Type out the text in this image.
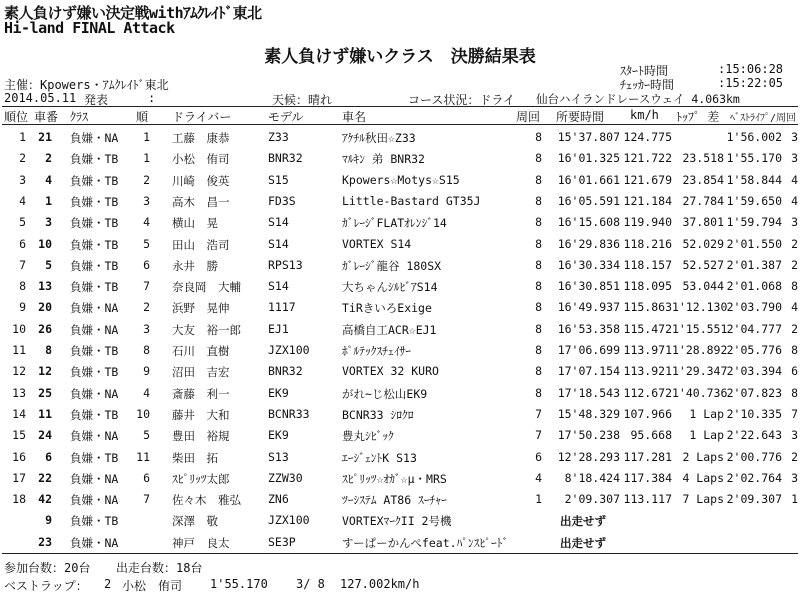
素人負けず嫌い決定戦withｱﾑｸﾚｲﾄﾞ東北
Hi-land FINAL Attack
素人負けず嫌いクラス　決勝結果表
ｽﾀｰﾄ時間	:15:06:28
ﾁｪｯｶｰ時間	:15:22:05
主催：Kpowers・ｱﾑｸﾚｲﾄﾞ東北
2014.05.11 発表	:	天候：晴れ	コース状況：ドライ 仙台ハイランドレースウェイ 4.063km
順位 車番 ｸﾗｽ	順 ドライバー	モデル	車名	周回 所要時間 km/h ﾄｯﾌﾟ 差 ﾍﾞｽﾄﾗｲﾌﾟ/周回
1	21 負嫌・NA	1 工藤　康恭	Z33	ｱｹﾁﾙ秋田☆Z33	8	15'37.807 124.775	1'56.002 3
2	2 負嫌・TB	1 小松　侑司	BNR32	ﾏﾙｷﾝ 弟 BNR32	8	16'01.325 121.722 23.518 1'55.170 3
3	4 負嫌・TB	2 川崎　俊英	S15	Kpowers☆Motys☆S15	8	16'01.661 121.679 23.854 1'58.844 4
4	1 負嫌・TB	3 高木　昌一	FD3S	Little-Bastard GT35J	8	16'05.591 121.184 27.784 1'59.650 4
5	3 負嫌・TB	4 横山　晃	S14	ｶﾞﾚｰｼﾞFLATｵﾚﾝｼﾞ14	8	16'15.608 119.940 37.801 1'59.794 3
6	10 負嫌・TB	5 田山　浩司	S14	VORTEX S14	8	16'29.836 118.216 52.029 2'01.550 2
7	5 負嫌・TB	6 永井　勝	RPS13	ｶﾞﾚｰｼﾞ龍谷 180SX	8	16'30.334 118.157 52.527 2'01.387 2
8	13 負嫌・TB	7 奈良岡　大輔	S14	大ちゃんｼﾙﾋﾞｱS14	8	16'30.851 118.095 53.044 2'01.068 8
9	20 負嫌・NA	2 浜野　晃伸	1117	TiRきいろExige	8	16'49.937 115.863 1'12.130 2'03.790 4
10	26 負嫌・NA	3 大友　裕一郎	EJ1	高橋自工ACR☆EJ1	8	16'53.358 115.472 1'15.551 2'04.777 2
11	8 負嫌・TB	8 石川　直樹	JZX100	ﾎﾟﾙﾃｯｸｽﾁｪｲｻｰ	8	17'06.699 113.971 1'28.892 2'05.776 8
12	12 負嫌・TB	9 沼田　吉宏	BNR32	VORTEX 32 KURO	8	17'07.154 113.921 1'29.347 2'03.394 6
13	25 負嫌・NA	4 斎藤　利一	EK9	がれ~じ松山EK9	8	17'18.543 112.672 1'40.736 2'07.823 8
14	11 負嫌・TB	10 藤井　大和	BCNR33	BCNR33 ｼﾛｸﾛ	7	15'48.329 107.966	1 Lap 2'10.335 7
15	24 負嫌・NA	5 豊田　裕規	EK9	豊丸ｼﾋﾞｯｸ	7	17'50.238 95.668	1 Lap 2'22.643 3
16	6 負嫌・TB	11 柴田　拓	S13	ｴｰｼﾞｪﾝﾄK S13	6	12'28.293 117.281 2 Laps 2'00.776 2
17	22 負嫌・NA	6 ｽﾋﾟﾘｯﾂ太郎	ZZW30	ｽﾋﾟﾘｯﾂ☆ｵｶﾞ☆μ・MRS	4	8'18.424 117.384 4 Laps 2'02.764 3
18	42 負嫌・NA	7 佐々木　雅弘	ZN6	ﾂｰｼｽﾃﾑ AT86 ｽｰﾁｬｰ	1	2'09.307 113.117 7 Laps 2'09.307 1
9 負嫌・TB	深澤　敬	JZX100	VORTEXﾏｰｸII 2号機	出走せず
23 負嫌・NA	神戸　良太	SE3P	すーぱーかんぺfeat.ﾊﾟﾝｽﾋﾟｰﾄﾞ	出走せず
参加台数：20台 出走台数：18台
ベストラップ： 2 小松　侑司 1'55.170 3/ 8 127.002km/h
